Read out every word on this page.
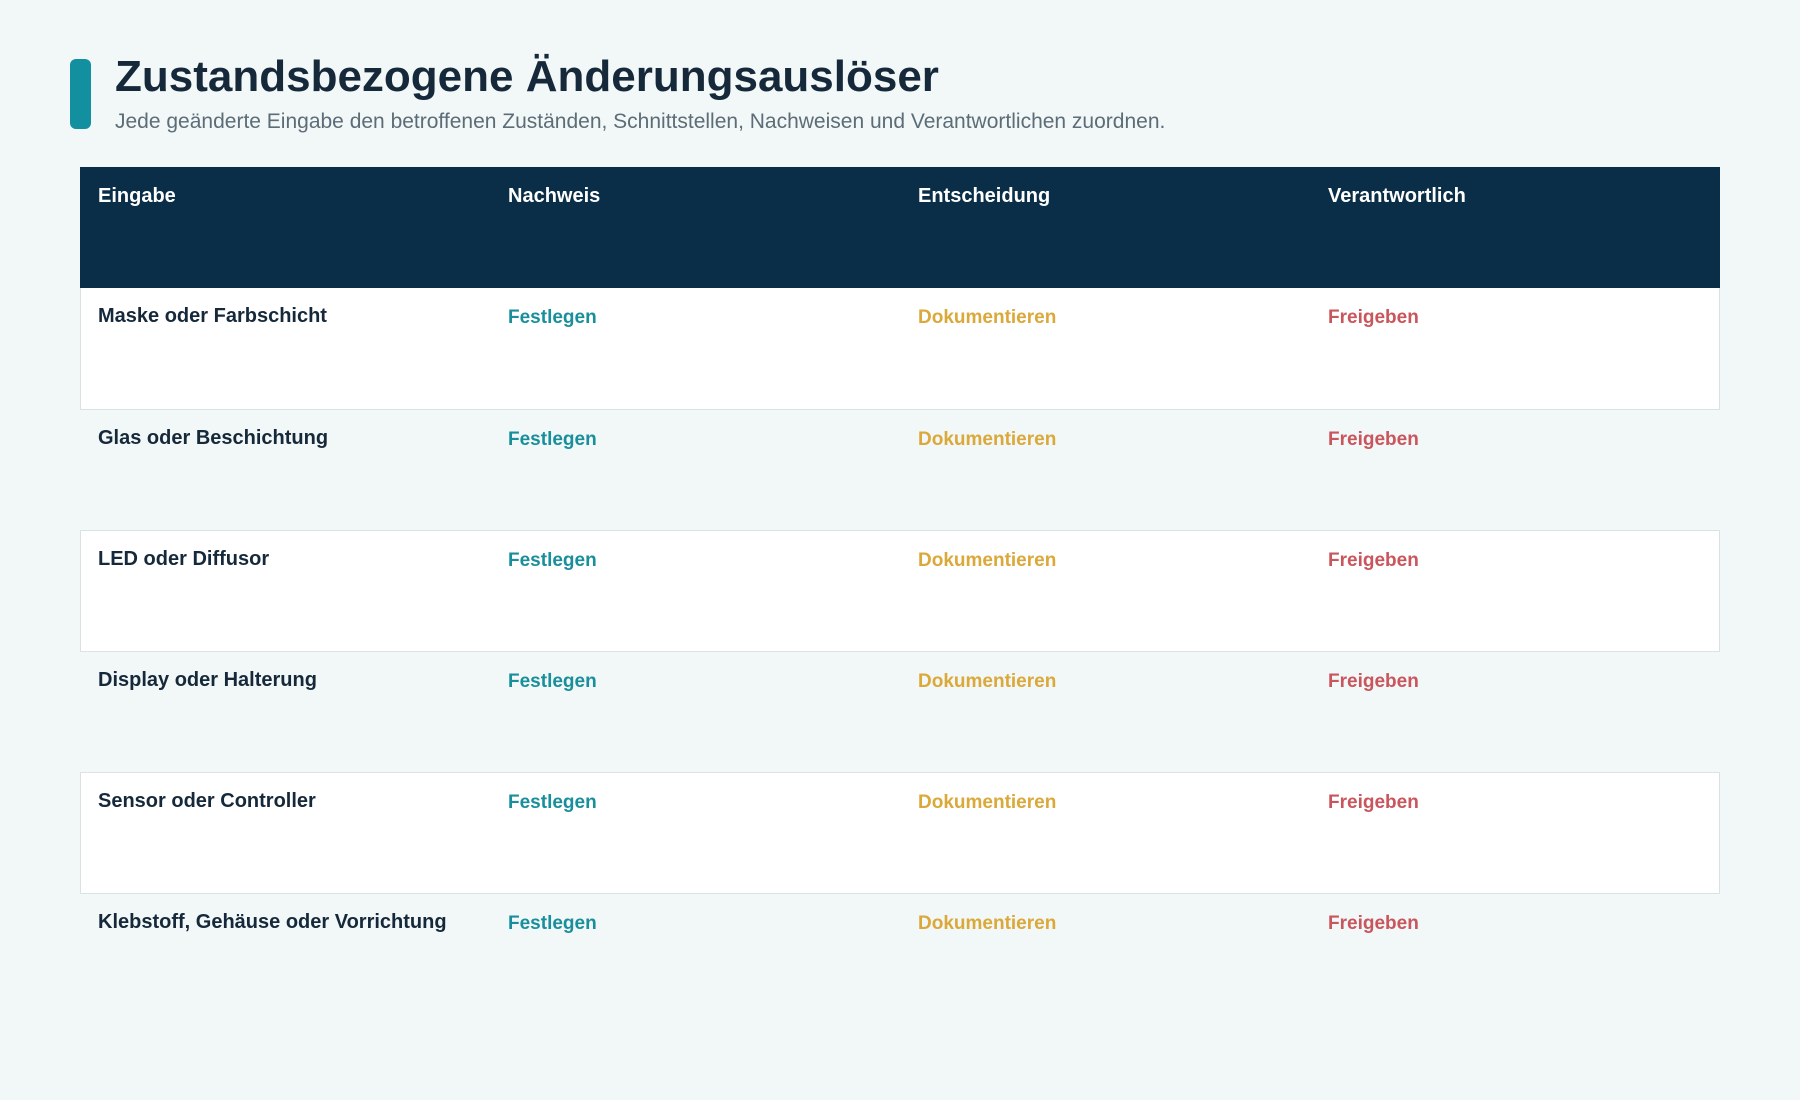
Zustandsbezogene Änderungsauslöser

Jede geänderte Eingabe den betroffenen Zuständen, Schnittstellen, Nachweisen und Verantwortlichen zuordnen.

Eingabe	Nachweis	Entscheidung	Verantwortlich
Maske oder Farbschicht	Festlegen	Dokumentieren	Freigeben
Glas oder Beschichtung	Festlegen	Dokumentieren	Freigeben
LED oder Diffusor	Festlegen	Dokumentieren	Freigeben
Display oder Halterung	Festlegen	Dokumentieren	Freigeben
Sensor oder Controller	Festlegen	Dokumentieren	Freigeben
Klebstoff, Gehäuse oder Vorrichtung	Festlegen	Dokumentieren	Freigeben
